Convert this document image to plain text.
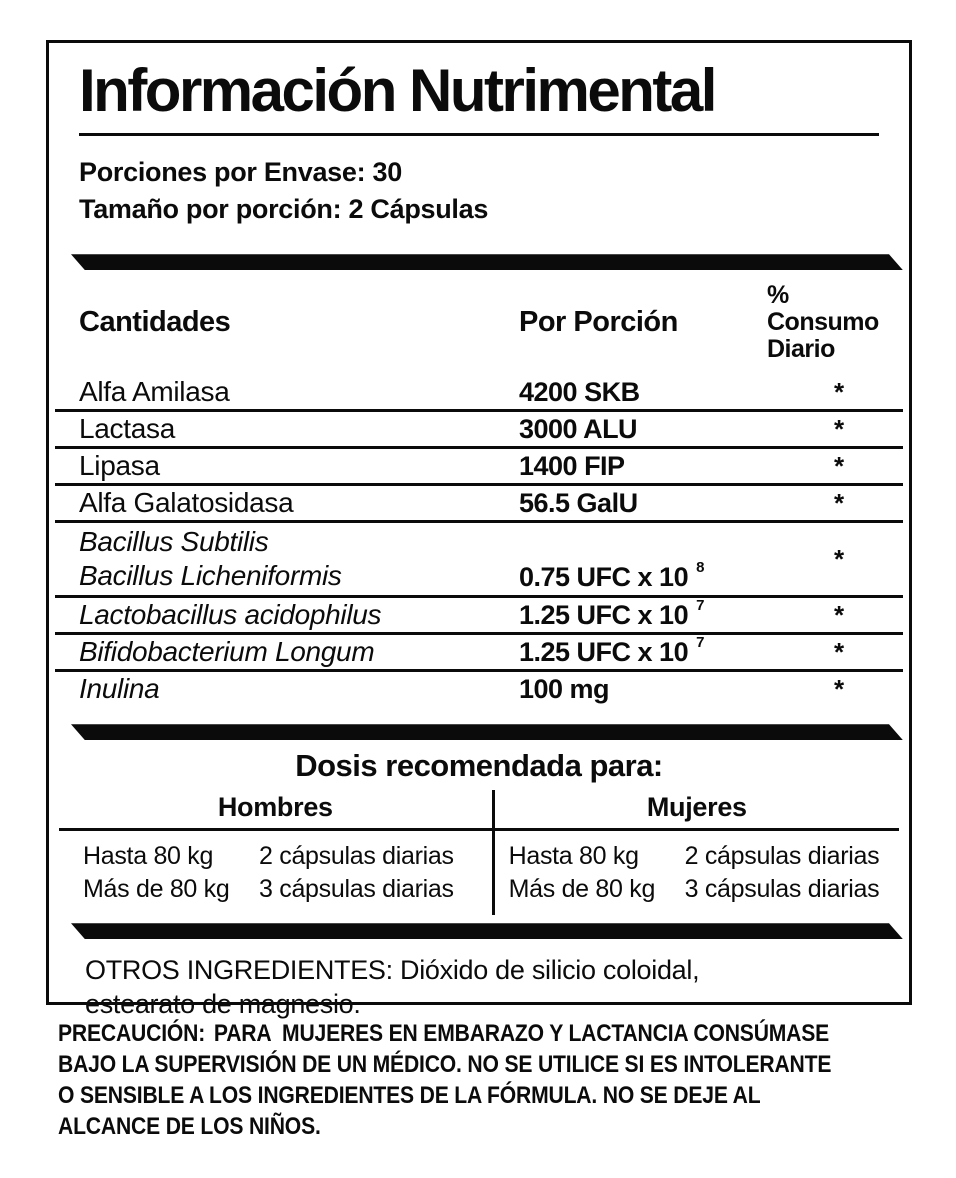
Información Nutrimental
Porciones por Envase: 30
Tamaño por porción: 2 Cápsulas
Cantidades	Por Porción
% Consumo
Diario
Alfa Amilasa	4200 SKB	*
Lactasa	3000 ALU	*
Lipasa	1400 FIP	*
Alfa Galatosidasa	56.5 GalU	*
Bacillus Subtilis
Bacillus Licheniformis	0.75 UFC x 10 $^8$	*
Lactobacillus acidophilus	1.25 UFC x 10 $^7$	*
Bifidobacterium Longum	1.25 UFC x 10 $^7$	*
Inulina	100 mg	*
Dosis recomendada para:
Hombres
Hasta 80 kg	2 cápsulas diarias
Más de 80 kg	3 cápsulas diarias
Mujeres
Hasta 80 kg	2 cápsulas diarias
Más de 80 kg	3 cápsulas diarias
OTROS INGREDIENTES: Dióxido de silicio coloidal,
estearato de magnesio.
PRECAUCIÓN: PARA  MUJERES EN EMBARAZO Y LACTANCIA CONSÚMASE
BAJO LA SUPERVISIÓN DE UN MÉDICO. NO SE UTILICE SI ES INTOLERANTE
O SENSIBLE A LOS INGREDIENTES DE LA FÓRMULA. NO SE DEJE AL
ALCANCE DE LOS NIÑOS.
